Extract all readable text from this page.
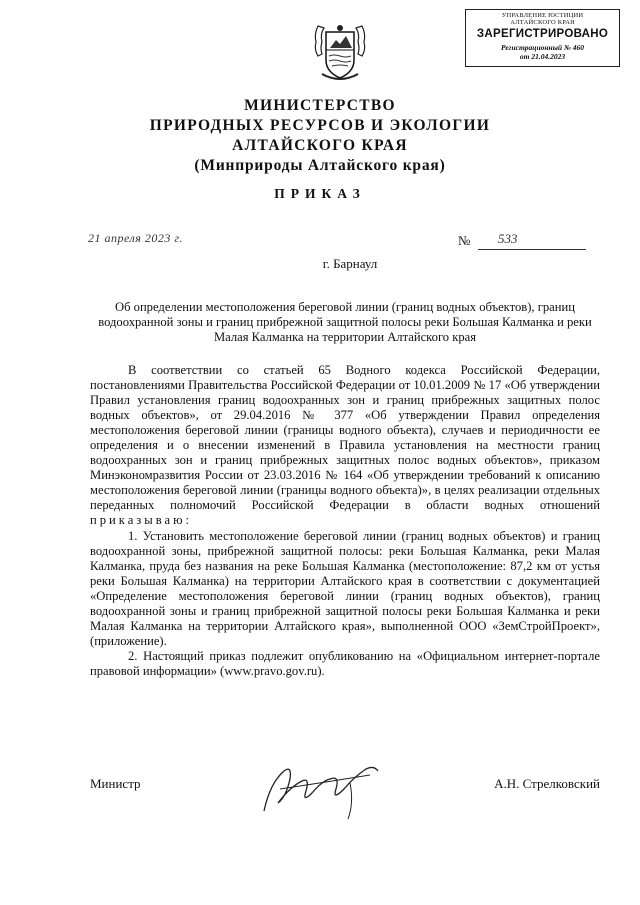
УПРАВЛЕНИЕ ЮСТИЦИИ
АЛТАЙСКОГО КРАЯ
ЗАРЕГИСТРИРОВАНО
Регистрационный № 460
от 21.04.2023
МИНИСТЕРСТВО
ПРИРОДНЫХ РЕСУРСОВ И ЭКОЛОГИИ
АЛТАЙСКОГО КРАЯ
(Минприроды Алтайского края)
ПРИКАЗ
21 апреля 2023 г.	№ 533
г. Барнаул
Об определении местоположения береговой линии (границ водных объектов), границ водоохранной зоны и границ прибрежной защитной полосы реки Большая Калманка и реки Малая Калманка на территории Алтайского края

В соответствии со статьей 65 Водного кодекса Российской Федерации, постановлениями Правительства Российской Федерации от 10.01.2009 № 17 «Об утверждении Правил установления границ водоохранных зон и границ прибрежных защитных полос водных объектов», от 29.04.2016 № 377 «Об утверждении Правил определения местоположения береговой линии (границы водного объекта), случаев и периодичности ее определения и о внесении изменений в Правила установления на местности границ водоохранных зон и границ прибрежных защитных полос водных объектов», приказом Минэкономразвития России от 23.03.2016 № 164 «Об утверждении требований к описанию местоположения береговой линии (границы водного объекта)», в целях реализации отдельных переданных полномочий Российской Федерации в области водных отношений приказываю:

1. Установить местоположение береговой линии (границ водных объектов) и границ водоохранной зоны, прибрежной защитной полосы: реки Большая Калманка, реки Малая Калманка, пруда без названия на реке Большая Калманка (местоположение: 87,2 км от устья реки Большая Калманка) на территории Алтайского края в соответствии с документацией «Определение местоположения береговой линии (границ водных объектов), границ водоохранной зоны и границ прибрежной защитной полосы реки Большая Калманка и реки Малая Калманка на территории Алтайского края», выполненной ООО «ЗемСтройПроект», (приложение).

2. Настоящий приказ подлежит опубликованию на «Официальном интернет-портале правовой информации» (www.pravo.gov.ru).

Министр	А.Н. Стрелковский
